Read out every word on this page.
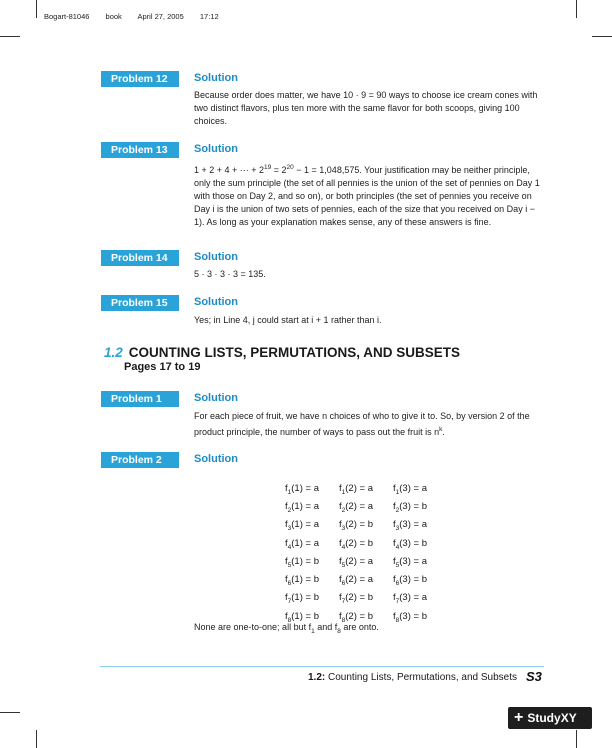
Bogart-81046 book April 27, 2005 17:12
Problem 12	Solution
Because order does matter, we have 10 · 9 = 90 ways to choose ice cream cones with two distinct flavors, plus ten more with the same flavor for both scoops, giving 100 choices.
Problem 13	Solution
1 + 2 + 4 + ··· + $2^{19} = 2^{20} - 1 = 1,048,575$. Your justification may be neither principle, only the sum principle (the set of all pennies is the union of the set of pennies on Day 1 with those on Day 2, and so on), or both principles (the set of pennies you receive on Day i is the union of two sets of pennies, each of the size that you received on Day i − 1). As long as your explanation makes sense, any of these answers is fine.
Problem 14	Solution
5 · 3 · 3 · 3 = 135.
Problem 15	Solution
Yes; in Line 4, j could start at i + 1 rather than i.
1.2 COUNTING LISTS, PERMUTATIONS, AND SUBSETS
Pages 17 to 19
Problem 1	Solution
For each piece of fruit, we have n choices of who to give it to. So, by version 2 of the product principle, the number of ways to pass out the fruit is $n^k$.
Problem 2	Solution
$f_1(1) = a$	$f_1(2) = a$	$f_1(3) = a$
$f_2(1) = a$	$f_2(2) = a$	$f_2(3) = b$
$f_3(1) = a$	$f_3(2) = b$	$f_3(3) = a$
$f_4(1) = a$	$f_4(2) = b$	$f_4(3) = b$
$f_5(1) = b$	$f_5(2) = a$	$f_5(3) = a$
$f_6(1) = b$	$f_6(2) = a$	$f_6(3) = b$
$f_7(1) = b$	$f_7(2) = b$	$f_7(3) = a$
$f_8(1) = b$	$f_8(2) = b$	$f_8(3) = b$
None are one-to-one; all but $f_1$ and $f_8$ are onto.
1.2: Counting Lists, Permutations, and Subsets S3
+ StudyXY
